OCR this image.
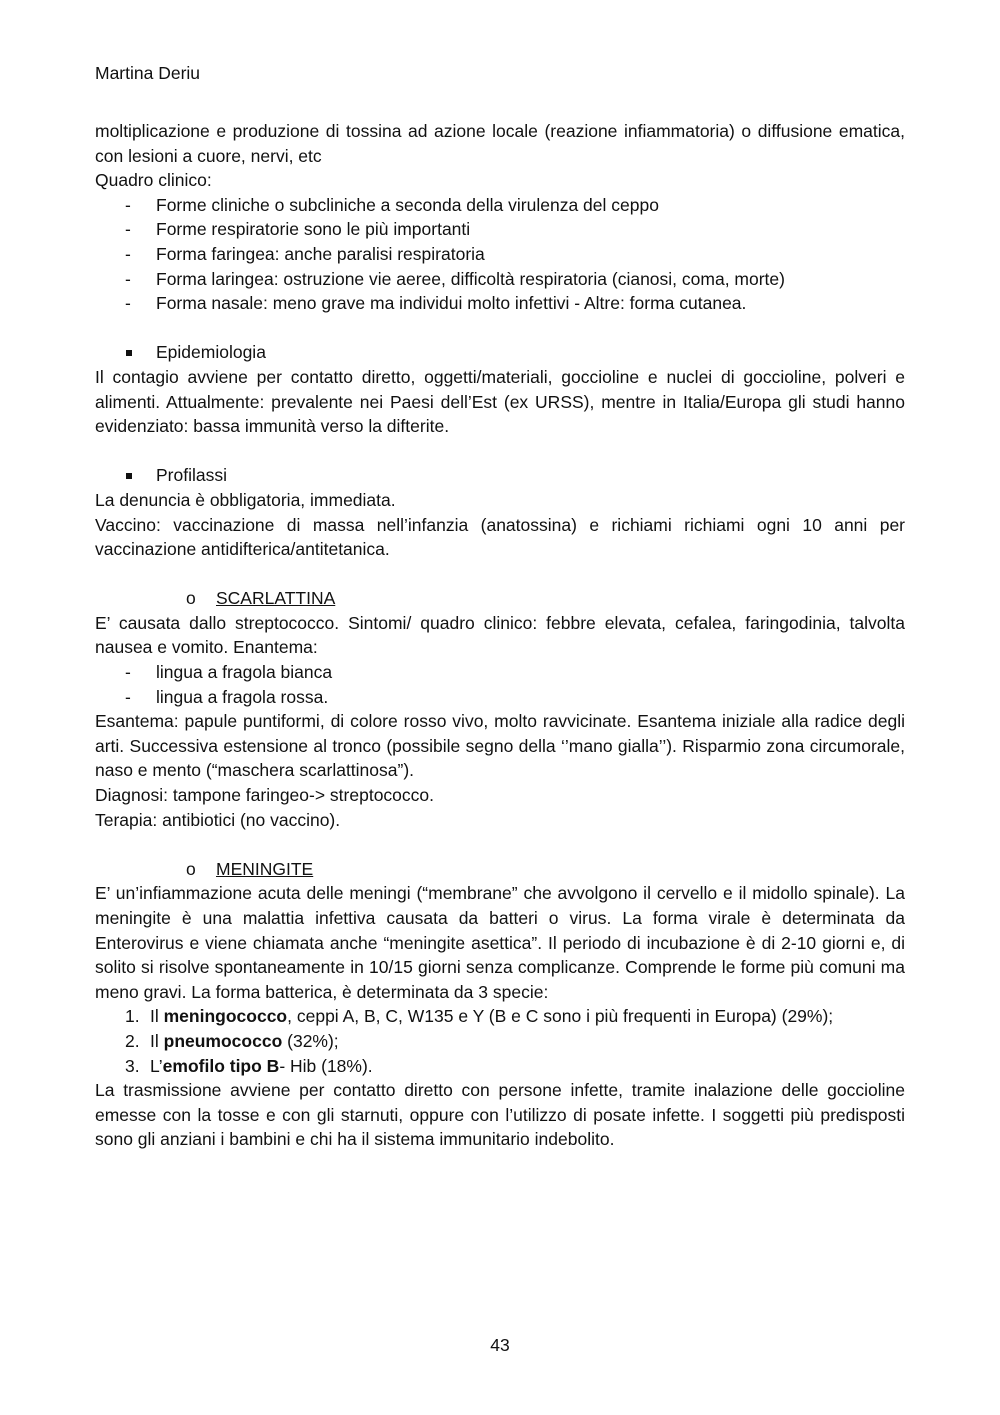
Martina Deriu

moltiplicazione e produzione di tossina ad azione locale (reazione infiammatoria) o diffusione ematica, con lesioni a cuore, nervi, etc

Quadro clinico:

- Forme cliniche o subcliniche a seconda della virulenza del ceppo
- Forme respiratorie sono le più importanti
- Forma faringea: anche paralisi respiratoria
- Forma laringea: ostruzione vie aeree, difficoltà respiratoria (cianosi, coma, morte)
- Forma nasale: meno grave ma individui molto infettivi - Altre: forma cutanea.
Epidemiologia

Il contagio avviene per contatto diretto, oggetti/materiali, goccioline e nuclei di goccioline, polveri e alimenti. Attualmente: prevalente nei Paesi dell’Est (ex URSS), mentre in Italia/Europa gli studi hanno evidenziato: bassa immunità verso la difterite.

Profilassi

La denuncia è obbligatoria, immediata.

Vaccino: vaccinazione di massa nell’infanzia (anatossina) e richiami richiami ogni 10 anni per vaccinazione antidifterica/antitetanica.

o SCARLATTINA

E’ causata dallo streptococco. Sintomi/ quadro clinico: febbre elevata, cefalea, faringodinia, talvolta nausea e vomito. Enantema:

- lingua a fragola bianca
- lingua a fragola rossa.

Esantema: papule puntiformi, di colore rosso vivo, molto ravvicinate. Esantema iniziale alla radice degli arti. Successiva estensione al tronco (possibile segno della ‘’mano gialla’’). Risparmio zona circumorale, naso e mento (“maschera scarlattinosa”).

Diagnosi: tampone faringeo-> streptococco.

Terapia: antibiotici (no vaccino).

o MENINGITE

E’ un’infiammazione acuta delle meningi (“membrane” che avvolgono il cervello e il midollo spinale). La meningite è una malattia infettiva causata da batteri o virus. La forma virale è determinata da Enterovirus e viene chiamata anche “meningite asettica”. Il periodo di incubazione è di 2-10 giorni e, di solito si risolve spontaneamente in 10/15 giorni senza complicanze. Comprende le forme più comuni ma meno gravi. La forma batterica, è determinata da 3 specie:

1. Il meningococco, ceppi A, B, C, W135 e Y (B e C sono i più frequenti in Europa) (29%);
2. Il pneumococco (32%);
3. L’emofilo tipo B- Hib (18%).

La trasmissione avviene per contatto diretto con persone infette, tramite inalazione delle goccioline emesse con la tosse e con gli starnuti, oppure con l’utilizzo di posate infette. I soggetti più predisposti sono gli anziani i bambini e chi ha il sistema immunitario indebolito.

43
